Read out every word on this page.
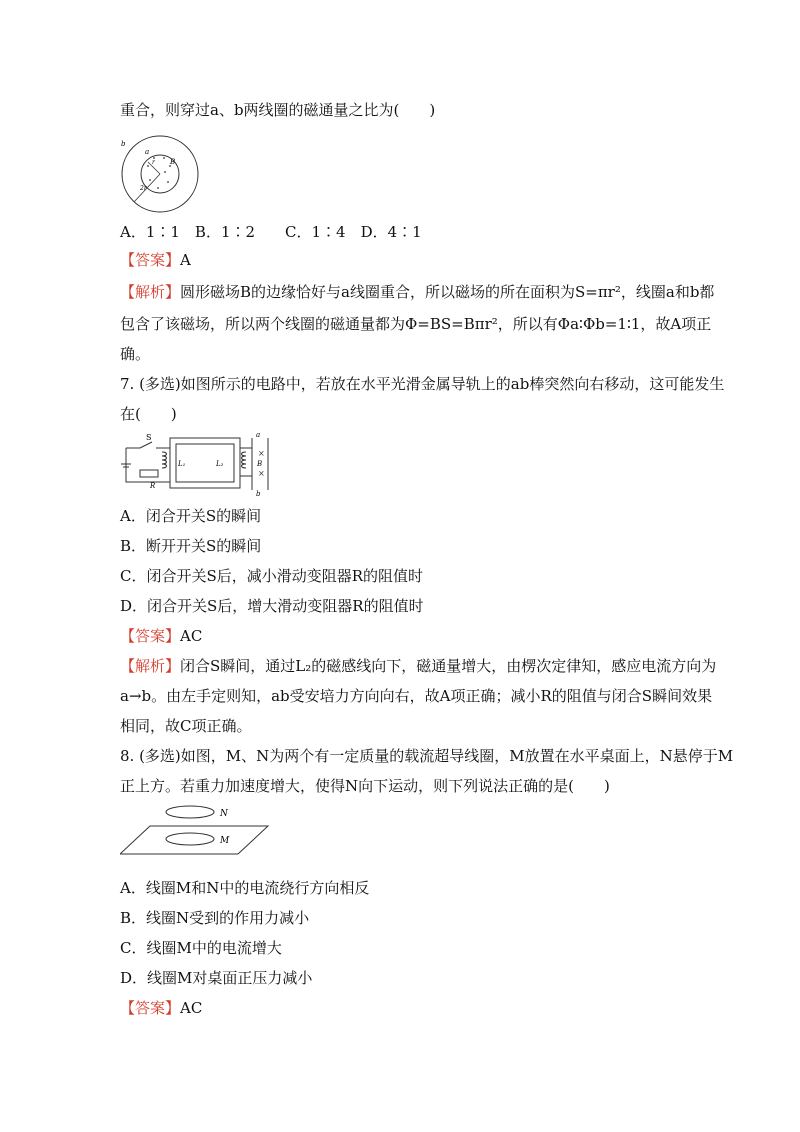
重合，则穿过a、b两线圈的磁通量之比为(　　)
b
a
r B
2r
A．1∶1　B．1∶2　　C．1∶4　D．4∶1
【答案】A
【解析】圆形磁场B的边缘恰好与a线圈重合，所以磁场的所在面积为S=πr²，线圈a和b都
包含了该磁场，所以两个线圈的磁通量都为Φ=BS=Bπr²，所以有Φa∶Φb=1∶1，故A项正
确。
7. (多选)如图所示的电路中，若放在水平光滑金属导轨上的ab棒突然向右移动，这可能发生
在(　　)
×
×
S
L₁	L₂
R
a
b
B
A．闭合开关S的瞬间
B．断开开关S的瞬间
C．闭合开关S后，减小滑动变阻器R的阻值时
D．闭合开关S后，增大滑动变阻器R的阻值时
【答案】AC
【解析】闭合S瞬间，通过L₂的磁感线向下，磁通量增大，由楞次定律知，感应电流方向为
a→b。由左手定则知，ab受安培力方向向右，故A项正确；减小R的阻值与闭合S瞬间效果
相同，故C项正确。
8. (多选)如图，M、N为两个有一定质量的载流超导线圈，M放置在水平桌面上，N悬停于M
正上方。若重力加速度增大，使得N向下运动，则下列说法正确的是(　　)
N
M
A．线圈M和N中的电流绕行方向相反
B．线圈N受到的作用力减小
C．线圈M中的电流增大
D．线圈M对桌面正压力减小
【答案】AC
